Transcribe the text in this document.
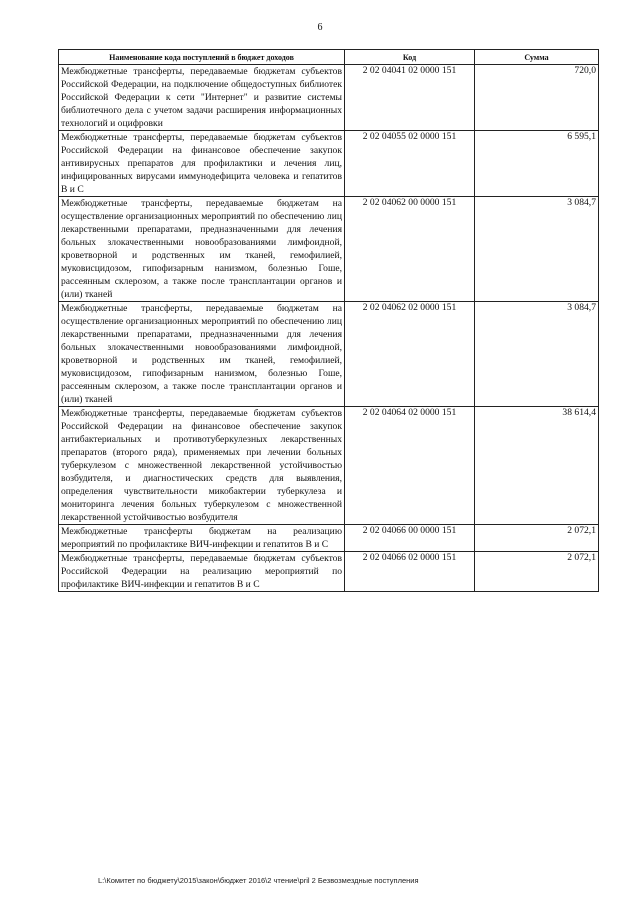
6
Наименование кода поступлений в бюджет доходов	Код	Сумма
Межбюджетные трансферты, передаваемые бюджетам субъектов Российской Федерации, на подключение общедоступных библиотек Российской Федерации к сети "Интернет" и развитие системы библиотечного дела с учетом задачи расширения информационных технологий и оцифровки	2 02 04041 02 0000 151	720,0
Межбюджетные трансферты, передаваемые бюджетам субъектов Российской Федерации на финансовое обеспечение закупок антивирусных препаратов для профилактики и лечения лиц, инфицированных вирусами иммунодефицита человека и гепатитов В и С	2 02 04055 02 0000 151	6 595,1
Межбюджетные трансферты, передаваемые бюджетам на осуществление организационных мероприятий по обеспечению лиц лекарственными препаратами, предназначенными для лечения больных злокачественными новообразованиями лимфоидной, кроветворной и родственных им тканей, гемофилией, муковисцидозом, гипофизарным нанизмом, болезнью Гоше, рассеянным склерозом, а также после трансплантации органов и (или) тканей	2 02 04062 00 0000 151	3 084,7
Межбюджетные трансферты, передаваемые бюджетам на осуществление организационных мероприятий по обеспечению лиц лекарственными препаратами, предназначенными для лечения больных злокачественными новообразованиями лимфоидной, кроветворной и родственных им тканей, гемофилией, муковисцидозом, гипофизарным нанизмом, болезнью Гоше, рассеянным склерозом, а также после трансплантации органов и (или) тканей	2 02 04062 02 0000 151	3 084,7
Межбюджетные трансферты, передаваемые бюджетам субъектов Российской Федерации на финансовое обеспечение закупок антибактериальных и противотуберкулезных лекарственных препаратов (второго ряда), применяемых при лечении больных туберкулезом с множественной лекарственной устойчивостью возбудителя, и диагностических средств для выявления, определения чувствительности микобактерии туберкулеза и мониторинга лечения больных туберкулезом с множественной лекарственной устойчивостью возбудителя	2 02 04064 02 0000 151	38 614,4
Межбюджетные трансферты бюджетам на реализацию мероприятий по профилактике ВИЧ-инфекции и гепатитов В и С	2 02 04066 00 0000 151	2 072,1
Межбюджетные трансферты, передаваемые бюджетам субъектов Российской Федерации на реализацию мероприятий по профилактике ВИЧ-инфекции и гепатитов В и С	2 02 04066 02 0000 151	2 072,1
L:\Комитет по бюджету\2015\закон\бюджет 2016\2 чтение\pril 2 Безвозмездные поступления
